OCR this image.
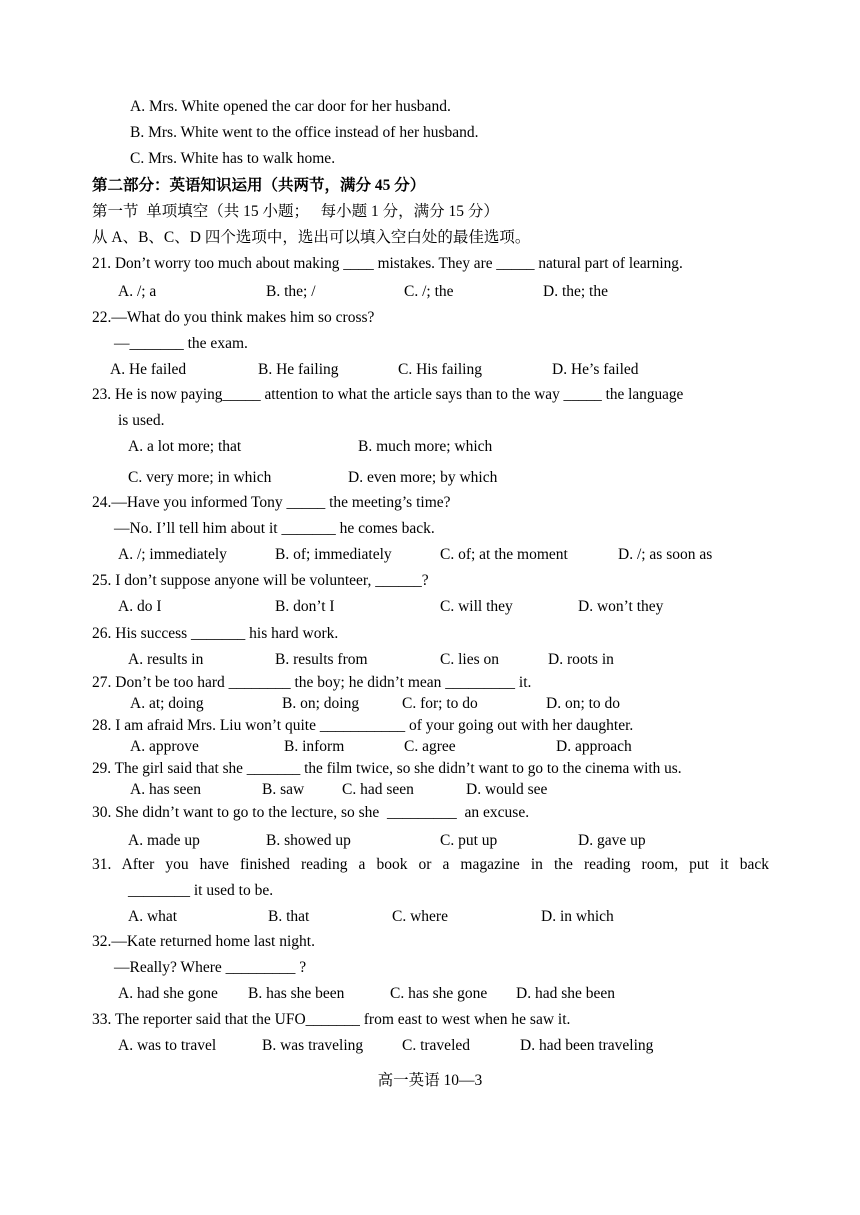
A. Mrs. White opened the car door for her husband.
B. Mrs. White went to the office instead of her husband.
C. Mrs. White has to walk home.
第二部分：英语知识运用（共两节，满分 45 分）
第一节  单项填空（共 15 小题；   每小题 1 分，满分 15 分）
从 A、B、C、D 四个选项中，选出可以填入空白处的最佳选项。
21. Don’t worry too much about making ____ mistakes. They are _____ natural part of learning.
A. /; a	B. the; /	C. /; the	D. the; the
22.—What do you think makes him so cross?
—_______ the exam.
A. He failed	B. He failing	C. His failing	D. He’s failed
23. He is now paying_____ attention to what the article says than to the way _____ the language
is used.
A. a lot more; that	B. much more; which
C. very more; in which	D. even more; by which
24.—Have you informed Tony _____ the meeting’s time?
—No. I’ll tell him about it _______ he comes back.
A. /; immediately	B. of; immediately	C. of; at the moment	D. /; as soon as
25. I don’t suppose anyone will be volunteer, ______?
A. do I	B. don’t I	C. will they	D. won’t they
26. His success _______ his hard work.
A. results in	B. results from	C. lies on	D. roots in
27. Don’t be too hard ________ the boy; he didn’t mean _________ it.
A. at; doing	B. on; doing	C. for; to do	D. on; to do
28. I am afraid Mrs. Liu won’t quite ___________ of your going out with her daughter.
A. approve	B. inform	C. agree	D. approach
29. The girl said that she _______ the film twice, so she didn’t want to go to the cinema with us.
A. has seen	B. saw C. had seen	D. would see
30. She didn’t want to go to the lecture, so she  _________  an excuse.
A. made up	B. showed up	C. put up	D. gave up
31. After you have finished reading a book or a magazine in the reading room, put it back
________ it used to be.
A. what	B. that	C. where	D. in which
32.—Kate returned home last night.
—Really? Where _________ ?
A. had she gone B. has she been	C. has she gone D. had she been
33. The reporter said that the UFO_______ from east to west when he saw it.
A. was to travel	B. was traveling	C. traveled	D. had been traveling
高一英语 10—3
